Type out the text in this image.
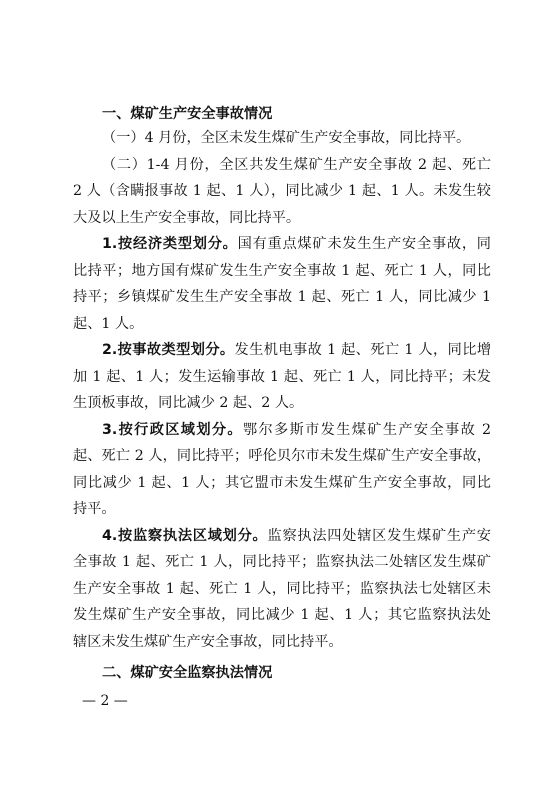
一、煤矿生产安全事故情况
（一）4 月份，全区未发生煤矿生产安全事故，同比持平。
（二）1-4 月份，全区共发生煤矿生产安全事故 2 起、死亡
2 人（含瞒报事故 1 起、1 人），同比减少 1 起、1 人。未发生较
大及以上生产安全事故，同比持平。
1.按经济类型划分。国有重点煤矿未发生生产安全事故，同
比持平；地方国有煤矿发生生产安全事故 1 起、死亡 1 人，同比
持平；乡镇煤矿发生生产安全事故 1 起、死亡 1 人，同比减少 1
起、1 人。
2.按事故类型划分。发生机电事故 1 起、死亡 1 人，同比增
加 1 起、1 人；发生运输事故 1 起、死亡 1 人，同比持平；未发
生顶板事故，同比减少 2 起、2 人。
3.按行政区域划分。鄂尔多斯市发生煤矿生产安全事故 2
起、死亡 2 人，同比持平；呼伦贝尔市未发生煤矿生产安全事故，
同比减少 1 起、1 人；其它盟市未发生煤矿生产安全事故，同比
持平。
4.按监察执法区域划分。监察执法四处辖区发生煤矿生产安
全事故 1 起、死亡 1 人，同比持平；监察执法二处辖区发生煤矿
生产安全事故 1 起、死亡 1 人，同比持平；监察执法七处辖区未
发生煤矿生产安全事故，同比减少 1 起、1 人；其它监察执法处
辖区未发生煤矿生产安全事故，同比持平。
二、煤矿安全监察执法情况
— 2 —
